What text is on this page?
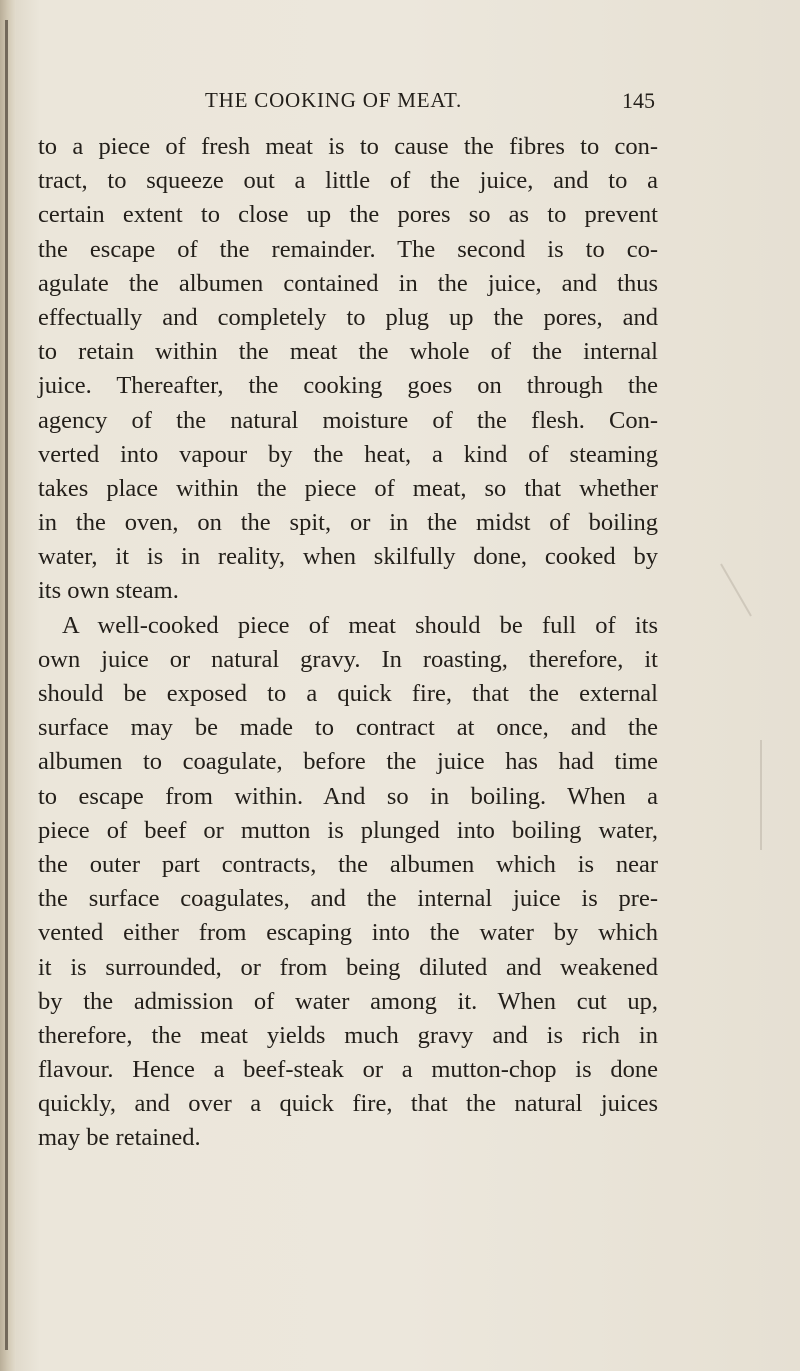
THE COOKING OF MEAT.	145
to a piece of fresh meat is to cause the fibres to con-
tract, to squeeze out a little of the juice, and to a
certain extent to close up the pores so as to prevent
the escape of the remainder. The second is to co-
agulate the albumen contained in the juice, and thus
effectually and completely to plug up the pores, and
to retain within the meat the whole of the internal
juice. Thereafter, the cooking goes on through the
agency of the natural moisture of the flesh. Con-
verted into vapour by the heat, a kind of steaming
takes place within the piece of meat, so that whether
in the oven, on the spit, or in the midst of boiling
water, it is in reality, when skilfully done, cooked by
its own steam.
A well-cooked piece of meat should be full of its
own juice or natural gravy. In roasting, therefore, it
should be exposed to a quick fire, that the external
surface may be made to contract at once, and the
albumen to coagulate, before the juice has had time
to escape from within. And so in boiling. When a
piece of beef or mutton is plunged into boiling water,
the outer part contracts, the albumen which is near
the surface coagulates, and the internal juice is pre-
vented either from escaping into the water by which
it is surrounded, or from being diluted and weakened
by the admission of water among it. When cut up,
therefore, the meat yields much gravy and is rich in
flavour. Hence a beef-steak or a mutton-chop is done
quickly, and over a quick fire, that the natural juices
may be retained.
